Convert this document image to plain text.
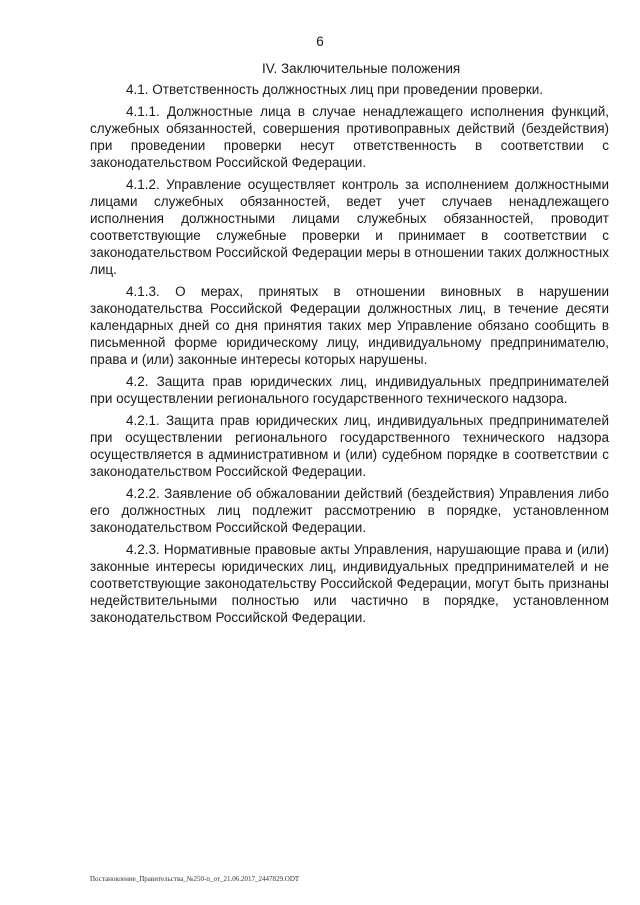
6
IV. Заключительные положения

4.1. Ответственность должностных лиц при проведении проверки.

4.1.1. Должностные лица в случае ненадлежащего исполнения функций, служебных обязанностей, совершения противоправных действий (бездействия) при проведении проверки несут ответственность в соответствии с законодательством Российской Федерации.

4.1.2. Управление осуществляет контроль за исполнением должностными лицами служебных обязанностей, ведет учет случаев ненадлежащего исполнения должностными лицами служебных обязанностей, проводит соответствующие служебные проверки и принимает в соответствии с законодательством Российской Федерации меры в отношении таких должностных лиц.

4.1.3. О мерах, принятых в отношении виновных в нарушении законодательства Российской Федерации должностных лиц, в течение десяти календарных дней со дня принятия таких мер Управление обязано сообщить в письменной форме юридическому лицу, индивидуальному предпринимателю, права и (или) законные интересы которых нарушены.

4.2. Защита прав юридических лиц, индивидуальных предпринимателей при осуществлении регионального государственного технического надзора.

4.2.1. Защита прав юридических лиц, индивидуальных предпринимателей при осуществлении регионального государственного технического надзора осуществляется в административном и (или) судебном порядке в соответствии с законодательством Российской Федерации.

4.2.2. Заявление об обжаловании действий (бездействия) Управления либо его должностных лиц подлежит рассмотрению в порядке, установленном законодательством Российской Федерации.

4.2.3. Нормативные правовые акты Управления, нарушающие права и (или) законные интересы юридических лиц, индивидуальных предпринимателей и не соответствующие законодательству Российской Федерации, могут быть признаны недействительными полностью или частично в порядке, установленном законодательством Российской Федерации.

Постановление_Правительства_№250-п_от_21.06.2017_2447829.ODT
